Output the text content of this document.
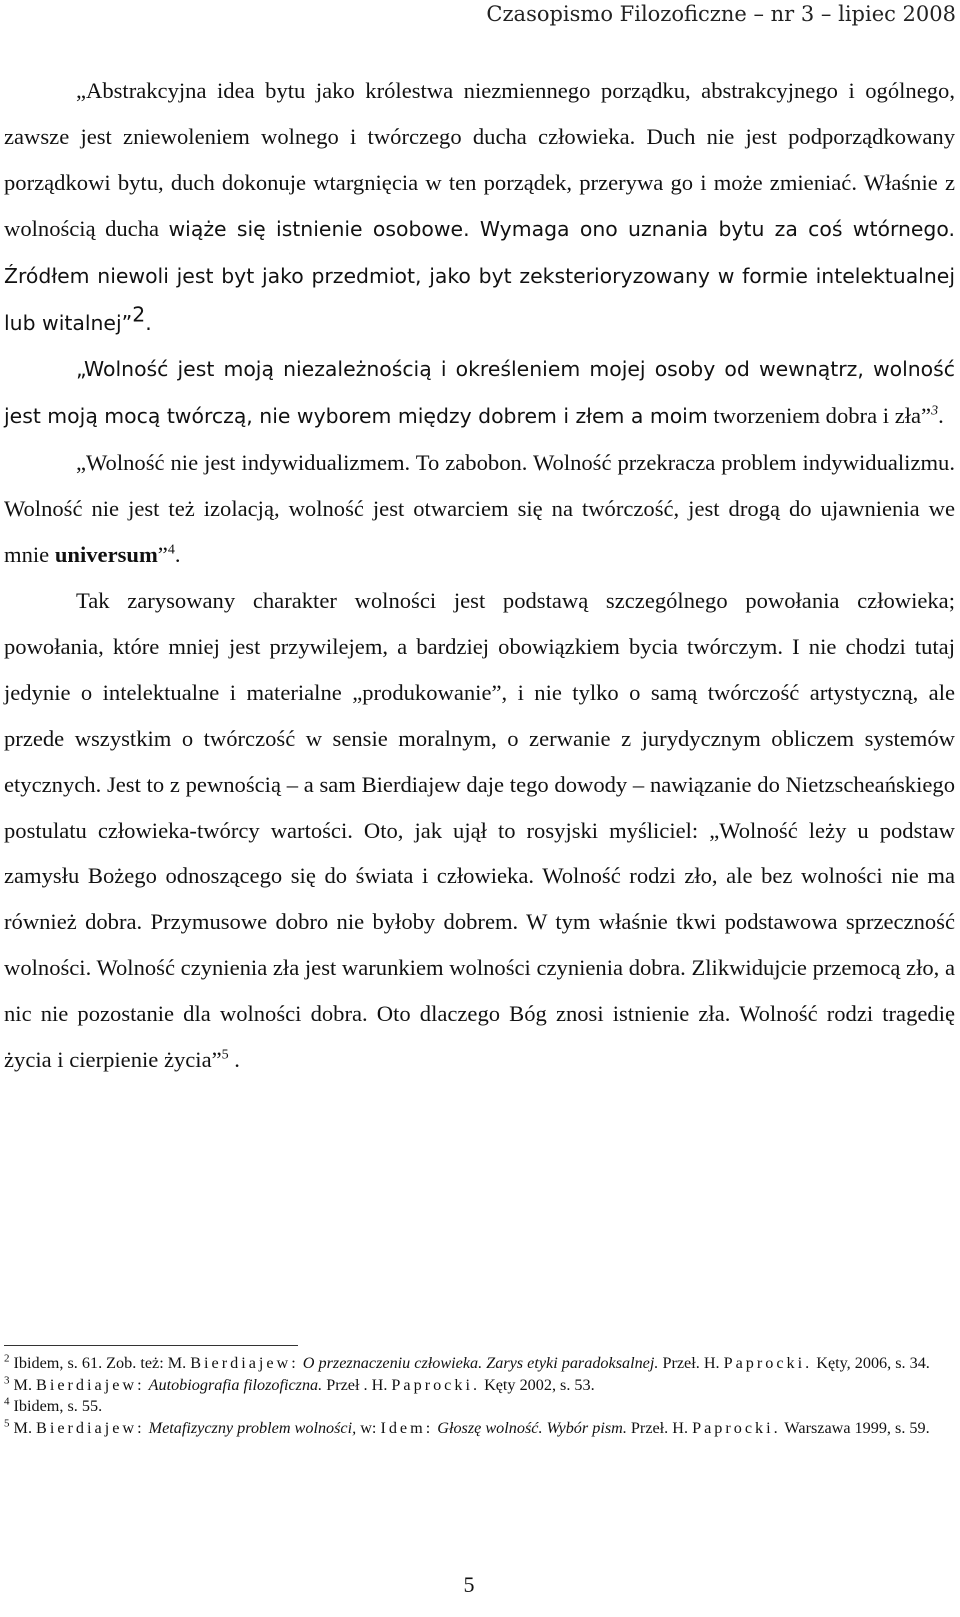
Czasopismo Filozoficzne – nr 3 – lipiec 2008

„Abstrakcyjna idea bytu jako królestwa niezmiennego porządku, abstrakcyjnego i ogólnego, zawsze jest zniewoleniem wolnego i twórczego ducha człowieka. Duch nie jest podporządkowany porządkowi bytu, duch dokonuje wtargnięcia w ten porządek, przerywa go i może zmieniać. Właśnie z wolnością ducha wiąże się istnienie osobowe. Wymaga ono uznania bytu za coś wtórnego. Źródłem niewoli jest byt jako przedmiot, jako byt zeksterioryzowany w formie intelektualnej lub witalnej”$^2$.

„Wolność jest moją niezależnością i określeniem mojej osoby od wewnątrz, wolność jest moją mocą twórczą, nie wyborem między dobrem i złem a moim tworzeniem dobra i zła”$^3$.

„Wolność nie jest indywidualizmem. To zabobon. Wolność przekracza problem indywidualizmu. Wolność nie jest też izolacją, wolność jest otwarciem się na twórczość, jest drogą do ujawnienia we mnie universum”$^4$.

Tak zarysowany charakter wolności jest podstawą szczególnego powołania człowieka; powołania, które mniej jest przywilejem, a bardziej obowiązkiem bycia twórczym. I nie chodzi tutaj jedynie o intelektualne i materialne „produkowanie”, i nie tylko o samą twórczość artystyczną, ale przede wszystkim o twórczość w sensie moralnym, o zerwanie z jurydycznym obliczem systemów etycznych. Jest to z pewnością – a sam Bierdiajew daje tego dowody – nawiązanie do Nietzscheańskiego postulatu człowieka-twórcy wartości. Oto, jak ujął to rosyjski myśliciel: „Wolność leży u podstaw zamysłu Bożego odnoszącego się do świata i człowieka. Wolność rodzi zło, ale bez wolności nie ma również dobra. Przymusowe dobro nie byłoby dobrem. W tym właśnie tkwi podstawowa sprzeczność wolności. Wolność czynienia zła jest warunkiem wolności czynienia dobra. Zlikwidujcie przemocą zło, a nic nie pozostanie dla wolności dobra. Oto dlaczego Bóg znosi istnienie zła. Wolność rodzi tragedię życia i cierpienie życia”$^5$ .

$^2$ Ibidem, s. 61. Zob. też: M. Bierdiajew: O przeznaczeniu człowieka. Zarys etyki paradoksalnej. Przeł. H. Paprocki. Kęty, 2006, s. 34.

$^3$ M. Bierdiajew: Autobiografia filozoficzna. Przeł . H. Paprocki. Kęty 2002, s. 53.

$^4$ Ibidem, s. 55.

$^5$ M. Bierdiajew: Metafizyczny problem wolności, w: Idem: Głoszę wolność. Wybór pism. Przeł. H. Paprocki. Warszawa 1999, s. 59.

5
